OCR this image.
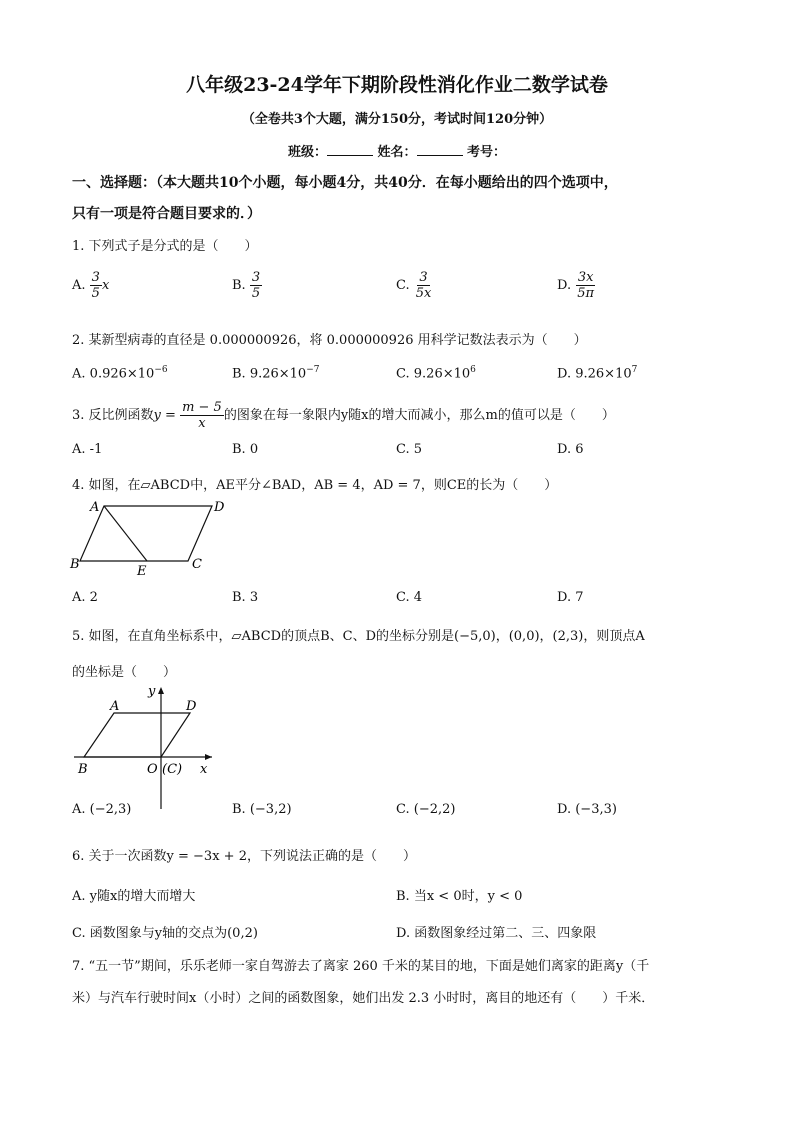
八年级23-24学年下期阶段性消化作业二数学试卷
（全卷共3个大题，满分150分，考试时间120分钟）
班级：	姓名：	考号：
一、选择题：（本大题共10个小题，每小题4分，共40分．在每小题给出的四个选项中，
只有一项是符合题目要求的．）
1. 下列式子是分式的是（　　）
A. $\frac{3}{5}$ x	B. $\frac{3}{5}$	C. $\frac{3}{5x}$	D. $\frac{3x}{5\pi}$
2. 某新型病毒的直径是 0.000000926，将 0.000000926 用科学记数法表示为（　　）
A. $0.926\times 10^{-6}$	B. $9.26\times 10^{-7}$	C. $9.26\times 10^6$	D. $9.26\times 10^7$
3. 反比例函数$y = \frac{m - 5}{x}$ 的图象在每一象限内y随x的增大而减小，那么m的值可以是（　　）
A. -1	B. 0	C. 5	D. 6
4. 如图，在▱ABCD中，AE平分∠BAD，AB = 4，AD = 7，则CE的长为（　　）
A	D
B	E	C
A. 2	B. 3	C. 4	D. 7
5. 如图，在直角坐标系中，▱ABCD的顶点B、C、D的坐标分别是(−5,0)，(0,0)，(2,3)，则顶点A
的坐标是（　　）
y
A	D
B	O (C) x
A. (−2,3)	B. (−3,2)	C. (−2,2)	D. (−3,3)
6. 关于一次函数y = −3x + 2，下列说法正确的是（　　）
A. y随x的增大而增大	B. 当x < 0时，y < 0
C. 函数图象与y轴的交点为(0,2)	D. 函数图象经过第二、三、四象限
7. “五一节”期间，乐乐老师一家自驾游去了离家 260 千米的某目的地，下面是她们离家的距离y（千
米）与汽车行驶时间x（小时）之间的函数图象，她们出发 2.3 小时时，离目的地还有（　　）千米．
